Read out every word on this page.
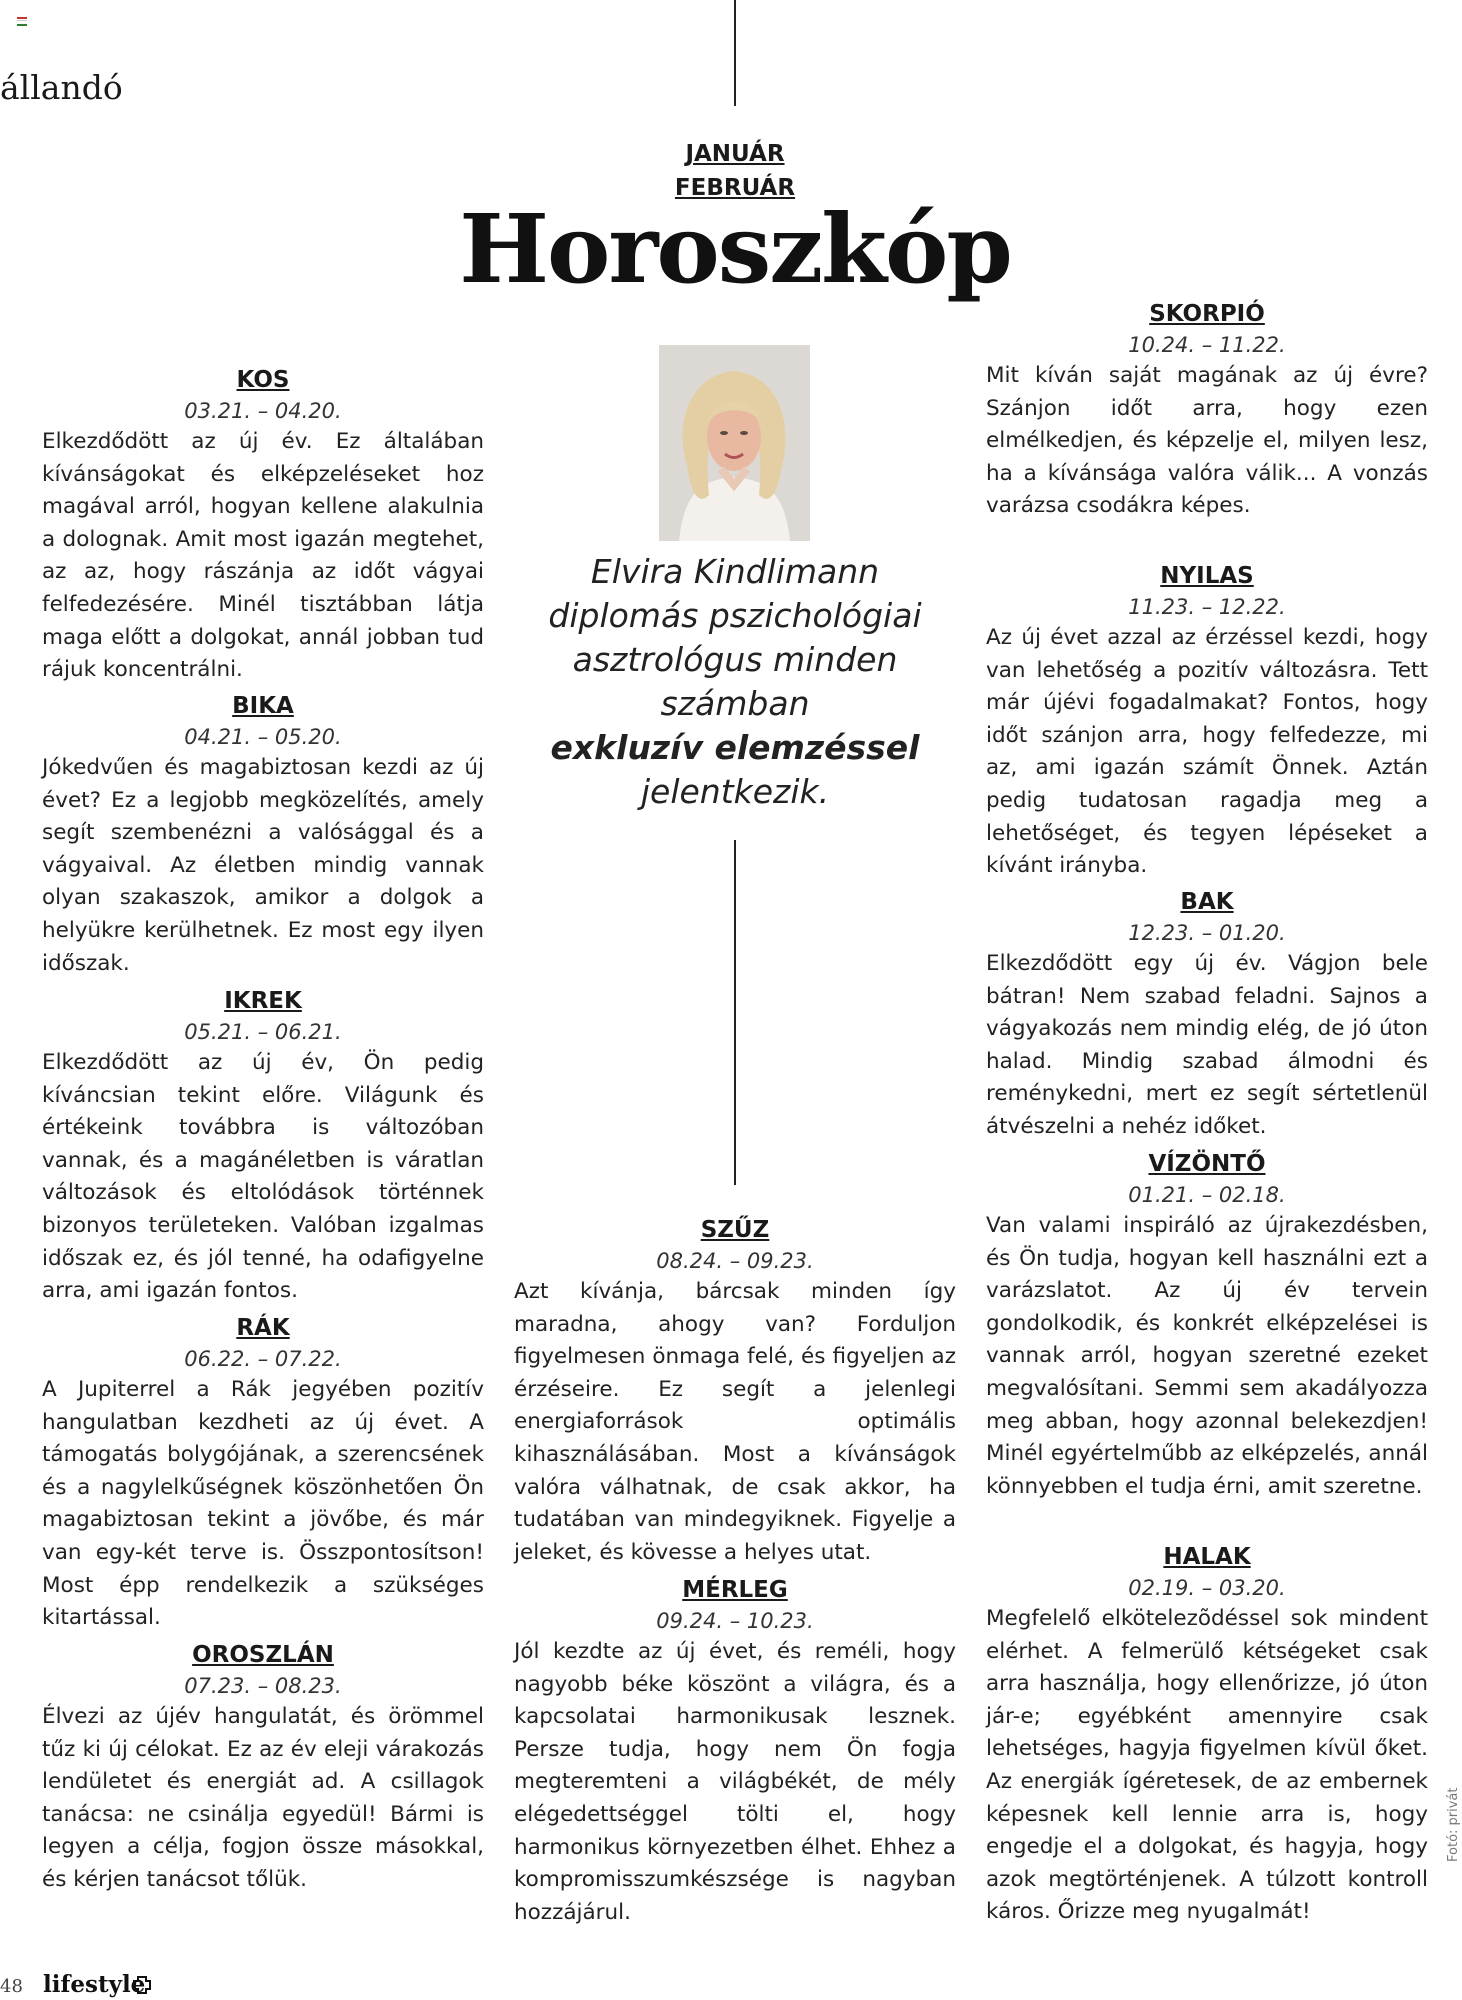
állandó
JANUÁR
FEBRUÁR
Horoszkóp
Elvira Kindlimann
diplomás pszichológiai
asztrológus minden
számban
exkluzív elemzéssel
jelentkezik.

KOS

03.21. – 04.20.

Elkezdődött az új év. Ez általában kívánságokat és elképzeléseket hoz magával arról, hogyan kellene alakulnia a dolognak. Amit most igazán megtehet, az az, hogy rászánja az időt vágyai felfedezésére. Minél tisztábban látja maga előtt a dolgokat, annál jobban tud rájuk koncentrálni.

BIKA

04.21. – 05.20.

Jókedvűen és magabiztosan kezdi az új évet? Ez a legjobb megközelítés, amely segít szembenézni a valósággal és a vágyaival. Az életben mindig vannak olyan szakaszok, amikor a dolgok a helyükre kerülhetnek. Ez most egy ilyen időszak.

IKREK

05.21. – 06.21.

Elkezdődött az új év, Ön pedig kíváncsian tekint előre. Világunk és értékeink továbbra is változóban vannak, és a magánéletben is váratlan változások és eltolódások történnek bizonyos területeken. Valóban izgalmas időszak ez, és jól tenné, ha odafigyelne arra, ami igazán fontos.

RÁK

06.22. – 07.22.

A Jupiterrel a Rák jegyében pozitív hangulatban kezdheti az új évet. A támogatás bolygójának, a szerencsének és a nagylelkűségnek köszönhetően Ön magabiztosan tekint a jövőbe, és már van egy-két terve is. Összpontosítson! Most épp rendelkezik a szükséges kitartással.

OROSZLÁN

07.23. – 08.23.

Élvezi az újév hangulatát, és örömmel tűz ki új célokat. Ez az év eleji várakozás lendületet és energiát ad. A csillagok tanácsa: ne csinálja egyedül! Bármi is legyen a célja, fogjon össze másokkal, és kérjen tanácsot tőlük.

SZŰZ

08.24. – 09.23.

Azt kívánja, bárcsak minden így maradna, ahogy van? Forduljon figyelmesen önmaga felé, és figyeljen az érzéseire. Ez segít a jelenlegi energiaforrások optimális kihasználásában. Most a kívánságok valóra válhatnak, de csak akkor, ha tudatában van mindegyiknek. Figyelje a jeleket, és kövesse a helyes utat.

MÉRLEG

09.24. – 10.23.

Jól kezdte az új évet, és reméli, hogy nagyobb béke köszönt a világra, és a kapcsolatai harmonikusak lesznek. Persze tudja, hogy nem Ön fogja megteremteni a világbékét, de mély elégedettséggel tölti el, hogy harmonikus környezetben élhet. Ehhez a kompromisszumkészsége is nagyban hozzájárul.

SKORPIÓ

10.24. – 11.22.

Mit kíván saját magának az új évre? Szánjon időt arra, hogy ezen elmélkedjen, és képzelje el, milyen lesz, ha a kívánsága valóra válik... A vonzás varázsa csodákra képes.

NYILAS

11.23. – 12.22.

Az új évet azzal az érzéssel kezdi, hogy van lehetőség a pozitív változásra. Tett már újévi fogadalmakat? Fontos, hogy időt szánjon arra, hogy felfedezze, mi az, ami igazán számít Önnek. Aztán pedig tudatosan ragadja meg a lehetőséget, és tegyen lépéseket a kívánt irányba.

BAK

12.23. – 01.20.

Elkezdődött egy új év. Vágjon bele bátran! Nem szabad feladni. Sajnos a vágyakozás nem mindig elég, de jó úton halad. Mindig szabad álmodni és reménykedni, mert ez segít sértetlenül átvészelni a nehéz időket.

VÍZÖNTŐ

01.21. – 02.18.

Van valami inspiráló az újrakezdésben, és Ön tudja, hogyan kell használni ezt a varázslatot. Az új év tervein gondolkodik, és konkrét elképzelései is vannak arról, hogyan szeretné ezeket megvalósítani. Semmi sem akadályozza meg abban, hogy azonnal belekezdjen! Minél egyértelműbb az elképzelés, annál könnyebben el tudja érni, amit szeretne.

HALAK

02.19. – 03.20.

Megfelelő elkötelezõdéssel sok mindent elérhet. A felmerülő kétségeket csak arra használja, hogy ellenőrizze, jó úton jár-e; egyébként amennyire csak lehetséges, hagyja figyelmen kívül őket. Az energiák ígéretesek, de az embernek képesnek kell lennie arra is, hogy engedje el a dolgokat, és hagyja, hogy azok megtörténjenek. A túlzott kontroll káros. Őrizze meg nyugalmát!

Fotó: privát
48 lifestyle
